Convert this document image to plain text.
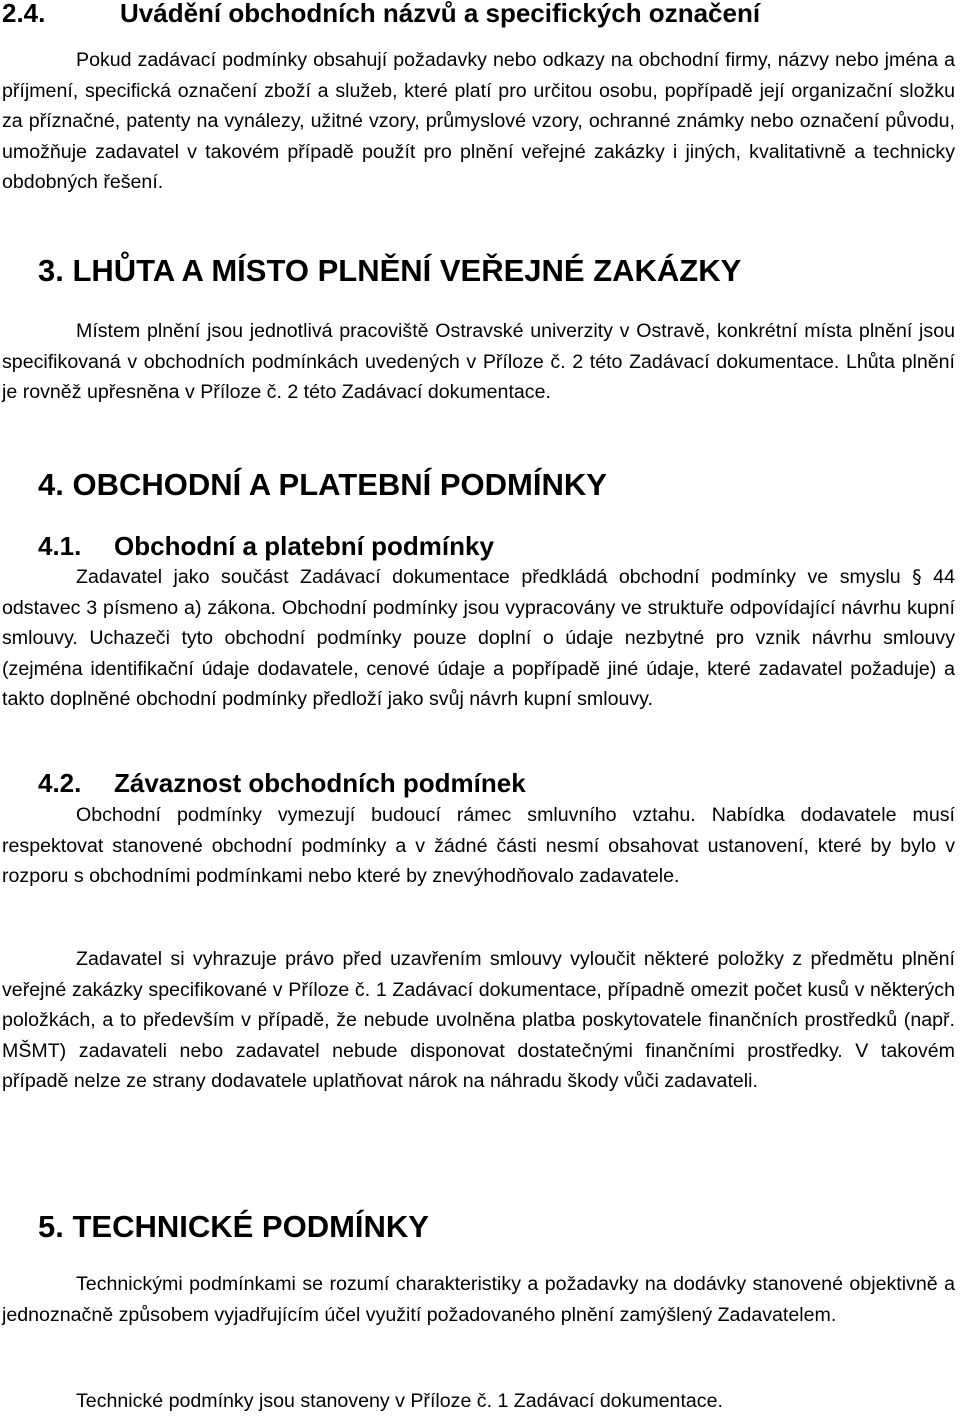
2.4.	Uvádění obchodních názvů a specifických označení

Pokud zadávací podmínky obsahují požadavky nebo odkazy na obchodní firmy, názvy nebo jména a příjmení, specifická označení zboží a služeb, které platí pro určitou osobu, popřípadě její organizační složku za příznačné, patenty na vynálezy, užitné vzory, průmyslové vzory, ochranné známky nebo označení původu, umožňuje zadavatel v takovém případě použít pro plnění veřejné zakázky i jiných, kvalitativně a technicky obdobných řešení.

3. LHŮTA A MÍSTO PLNĚNÍ VEŘEJNÉ ZAKÁZKY

Místem plnění jsou jednotlivá pracoviště Ostravské univerzity v Ostravě, konkrétní místa plnění jsou specifikovaná v obchodních podmínkách uvedených v Příloze č. 2 této Zadávací dokumentace. Lhůta plnění je rovněž upřesněna v Příloze č. 2 této Zadávací dokumentace.

4. OBCHODNÍ A PLATEBNÍ PODMÍNKY
4.1. Obchodní a platební podmínky

Zadavatel jako součást Zadávací dokumentace předkládá obchodní podmínky ve smyslu § 44 odstavec 3 písmeno a) zákona. Obchodní podmínky jsou vypracovány ve struktuře odpovídající návrhu kupní smlouvy. Uchazeči tyto obchodní podmínky pouze doplní o údaje nezbytné pro vznik návrhu smlouvy (zejména identifikační údaje dodavatele, cenové údaje a popřípadě jiné údaje, které zadavatel požaduje) a takto doplněné obchodní podmínky předloží jako svůj návrh kupní smlouvy.

4.2. Závaznost obchodních podmínek

Obchodní podmínky vymezují budoucí rámec smluvního vztahu. Nabídka dodavatele musí respektovat stanovené obchodní podmínky a v žádné části nesmí obsahovat ustanovení, které by bylo v rozporu s obchodními podmínkami nebo které by znevýhodňovalo zadavatele.

Zadavatel si vyhrazuje právo před uzavřením smlouvy vyloučit některé položky z předmětu plnění veřejné zakázky specifikované v Příloze č. 1 Zadávací dokumentace, případně omezit počet kusů v některých položkách, a to především v případě, že nebude uvolněna platba poskytovatele finančních prostředků (např. MŠMT) zadavateli nebo zadavatel nebude disponovat dostatečnými finančními prostředky. V takovém případě nelze ze strany dodavatele uplatňovat nárok na náhradu škody vůči zadavateli.

5. TECHNICKÉ PODMÍNKY

Technickými podmínkami se rozumí charakteristiky a požadavky na dodávky stanovené objektivně a jednoznačně způsobem vyjadřujícím účel využití požadovaného plnění zamýšlený Zadavatelem.

Technické podmínky jsou stanoveny v Příloze č. 1 Zadávací dokumentace.
